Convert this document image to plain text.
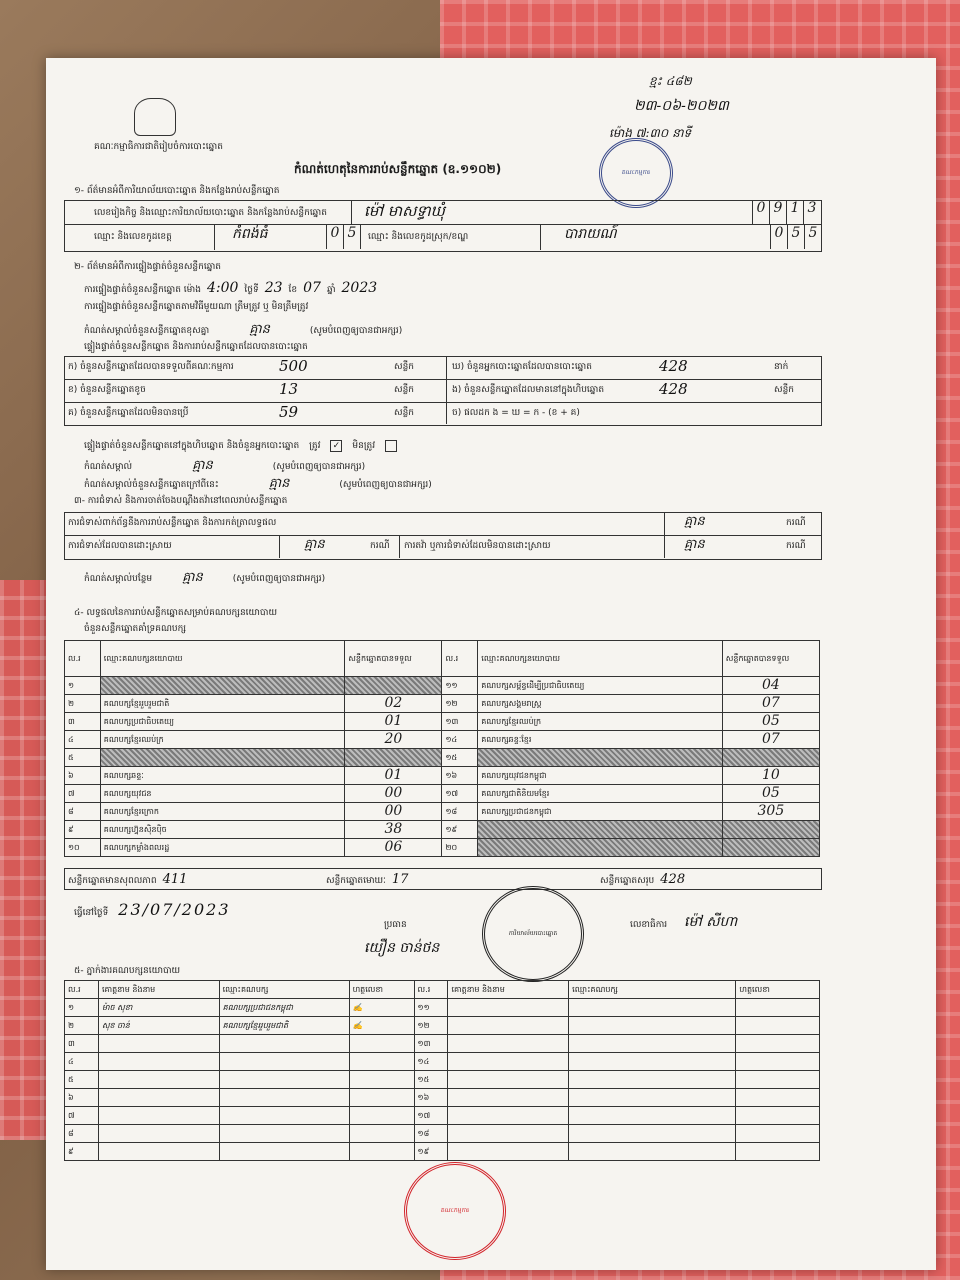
គណៈកម្មាធិការជាតិរៀបចំការបោះឆ្នោត
កំណត់ហេតុនៃការរាប់សន្លឹកឆ្នោត (ឧ.១១០២)
ខ្មះ ៤៨២
២៣-០៦-២០២៣
ម៉ោង ៧:៣០ នាទី
គណៈកម្មការ
១- ព័ត៌មានអំពីការិយាល័យបោះឆ្នោត និងកន្លែងរាប់សន្លឹកឆ្នោត
លេខរៀងកិច្ច និងឈ្មោះការិយាល័យបោះឆ្នោត និងកន្លែងរាប់សន្លឹកឆ្នោត ម៉ៅ មាសទ្ធាឃុំ	0 9 1 3
ឈ្មោះ និងលេខកូដខេត្ត	កំពង់ធំ	0 5	ឈ្មោះ និងលេខកូដស្រុក/ខណ្ឌ	បារាយណ៍	0 5 5
២- ព័ត៌មានអំពីការផ្ទៀងផ្ទាត់ចំនួនសន្លឹកឆ្នោត
ការផ្ទៀងផ្ទាត់ចំនួនសន្លឹកឆ្នោត ម៉ោង 4:00 ថ្ងៃទី 23 ខែ 07 ឆ្នាំ 2023
ការផ្ទៀងផ្ទាត់ចំនួនសន្លឹកឆ្នោតតាមវិធីមួយណា ត្រឹមត្រូវ ឬ មិនត្រឹមត្រូវ
កំណត់សម្គាល់ចំនួនសន្លឹកឆ្នោតខុសគ្នា	គ្មាន	(សូមបំពេញឲ្យបានជាអក្សរ)
ផ្ទៀងផ្ទាត់ចំនួនសន្លឹកឆ្នោត និងការរាប់សន្លឹកឆ្នោតដែលបានបោះឆ្នោត
ក) ចំនួនសន្លឹកឆ្នោតដែលបានទទួលពីគណៈកម្មការ	500	សន្លឹក
ខ) ចំនួនសន្លឹកឆ្នោតខូច	13	សន្លឹក
គ) ចំនួនសន្លឹកឆ្នោតដែលមិនបានប្រើ	59	សន្លឹក
ឃ) ចំនួនអ្នកបោះឆ្នោតដែលបានបោះឆ្នោត	428	នាក់
ង) ចំនួនសន្លឹកឆ្នោតដែលមាននៅក្នុងហិបឆ្នោត	428	សន្លឹក
ច) ផលដក ង = ឃ = ក - (ខ + គ)
ផ្ទៀងផ្ទាត់ចំនួនសន្លឹកឆ្នោតនៅក្នុងហិបឆ្នោត និងចំនួនអ្នកបោះឆ្នោត ត្រូវ ✓ មិនត្រូវ
កំណត់សម្គាល់	គ្មាន	(សូមបំពេញឲ្យបានជាអក្សរ)
កំណត់សម្គាល់ចំនួនសន្លឹកឆ្នោតក្រៅពីនេះ	គ្មាន	(សូមបំពេញឲ្យបានជាអក្សរ)
៣- ការជំទាស់ និងការចាត់ចែងបណ្តឹងតវ៉ានៅពេលរាប់សន្លឹកឆ្នោត
ការជំទាស់ពាក់ព័ន្ធនឹងការរាប់សន្លឹកឆ្នោត និងការកត់ត្រាលទ្ធផល	គ្មាន	ករណី
ការជំទាស់ដែលបានដោះស្រាយ	គ្មាន	ករណី ការតវ៉ា ឬការជំទាស់ដែលមិនបានដោះស្រាយ	គ្មាន	ករណី
កំណត់សម្គាល់បន្ថែម គ្មាន	(សូមបំពេញឲ្យបានជាអក្សរ)
៤- លទ្ធផលនៃការរាប់សន្លឹកឆ្នោតសម្រាប់គណបក្សនយោបាយ
ចំនួនសន្លឹកឆ្នោតគាំទ្រគណបក្ស
ល.រ	ឈ្មោះគណបក្សនយោបាយ	សន្លឹកឆ្នោតបានទទួល	ល.រ	ឈ្មោះគណបក្សនយោបាយ	សន្លឹកឆ្នោតបានទទួល
១			១១	គណបក្សសម្ព័ន្ធដើម្បីប្រជាធិបតេយ្យ	04
២	គណបក្សខ្មែររួបរួមជាតិ	02	១២	គណបក្សសង្គមរាស្ត្រ	07
៣	គណបក្សប្រជាធិបតេយ្យ	01	១៣	គណបក្សខ្មែរឈប់ក្រ	05
៤	គណបក្សខ្មែរឈប់ក្រ	20	១៤	គណបក្សឆន្ទៈខ្មែរ	07
៥			១៥		
៦	គណបក្សឆន្ទៈ	01	១៦	គណបក្សយុវជនកម្ពុជា	10
៧	គណបក្សយុវជន	00	១៧	គណបក្សជាតិនិយមខ្មែរ	05
៨	គណបក្សខ្មែរក្រោក	00	១៨	គណបក្សប្រជាជនកម្ពុជា	305
៩	គណបក្សហ្វ៊ុនស៊ិនប៉ិច	38	១៩		
១០	គណបក្សកម្លាំងពលរដ្ឋ	06	២០		
សន្លឹកឆ្នោតមានសុពលភាព 411	សន្លឹកឆ្នោតមោឃៈ 17	សន្លឹកឆ្នោតសរុប 428
ធ្វើនៅថ្ងៃទី 23/07/2023
ប្រធាន
យឿន ចាន់ថន
ការិយាល័យបោះឆ្នោត
លេខាធិការ ម៉ៅ សីហា
៥- ភ្នាក់ងារគណបក្សនយោបាយ
ល.រ	គោត្តនាម និងនាម	ឈ្មោះគណបក្ស	ហត្ថលេខា	ល.រ	គោត្តនាម និងនាម	ឈ្មោះគណបក្ស	ហត្ថលេខា
១	ម៉ាច សុខា	គណបក្សប្រជាជនកម្ពុជា	✍	១១			
២	សុខ ចាន់	គណបក្សខ្មែររួបរួមជាតិ	✍	១២			
៣				១៣			
៤				១៤			
៥				១៥			
៦				១៦			
៧				១៧			
៨				១៨			
៩				១៩			
គណៈកម្មការ
